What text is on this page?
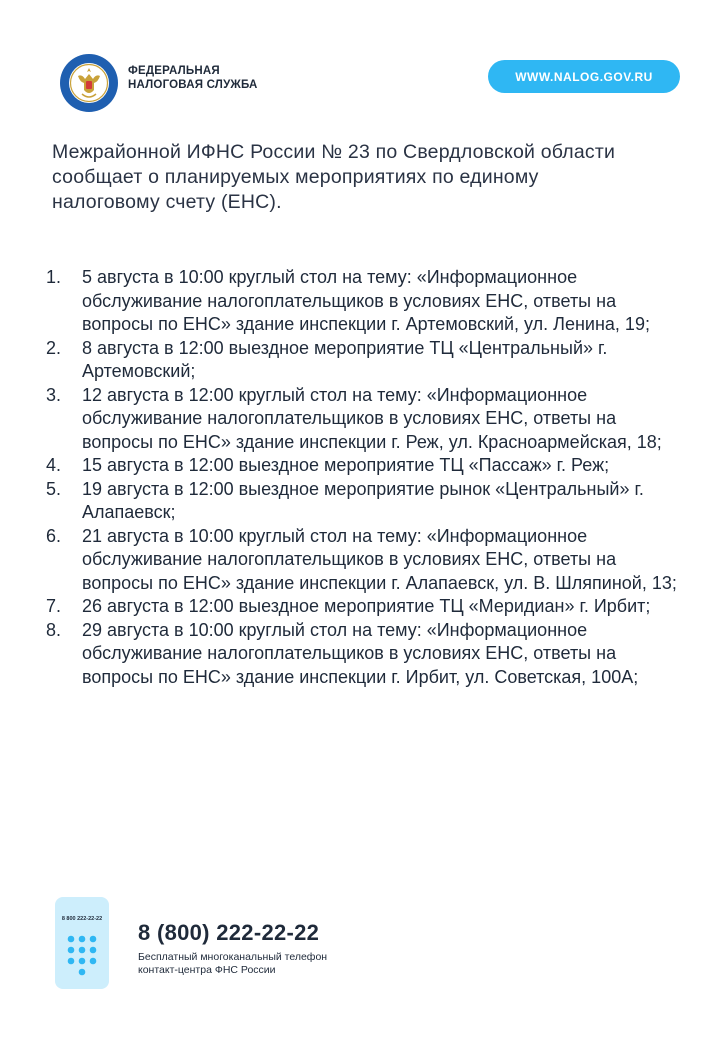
ФЕДЕРАЛЬНАЯ
НАЛОГОВАЯ СЛУЖБА
WWW.NALOG.GOV.RU

Межрайонной ИФНС России № 23 по Свердловской области сообщает о планируемых мероприятиях по единому налоговому счету (ЕНС).

1. 5 августа в 10:00 круглый стол на тему: «Информационное обслуживание налогоплательщиков в условиях ЕНС, ответы на вопросы по ЕНС» здание инспекции г. Артемовский, ул. Ленина, 19;
2. 8 августа в 12:00 выездное мероприятие ТЦ «Центральный» г. Артемовский;
3. 12 августа в 12:00 круглый стол на тему: «Информационное обслуживание налогоплательщиков в условиях ЕНС, ответы на вопросы по ЕНС» здание инспекции г. Реж, ул. Красноармейская, 18;
4. 15 августа в 12:00 выездное мероприятие ТЦ «Пассаж» г. Реж;
5. 19 августа в 12:00 выездное мероприятие рынок «Центральный» г. Алапаевск;
6. 21 августа в 10:00 круглый стол на тему: «Информационное обслуживание налогоплательщиков в условиях ЕНС, ответы на вопросы по ЕНС» здание инспекции г. Алапаевск, ул. В. Шляпиной, 13;
7. 26 августа в 12:00 выездное мероприятие ТЦ «Меридиан» г. Ирбит;
8. 29 августа в 10:00 круглый стол на тему: «Информационное обслуживание налогоплательщиков в условиях ЕНС, ответы на вопросы по ЕНС» здание инспекции г. Ирбит, ул. Советская, 100А;
8 800 222-22-22
8 (800) 222-22-22
Бесплатный многоканальный телефон
контакт-центра ФНС России
